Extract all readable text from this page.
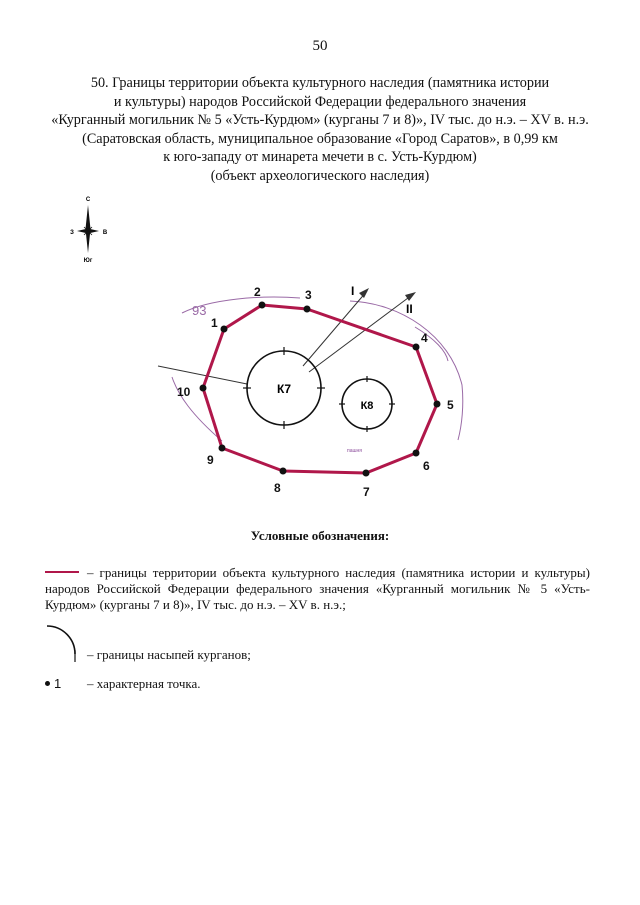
50
50. Границы территории объекта культурного наследия (памятника истории
и культуры) народов Российской Федерации федерального значения
«Курганный могильник № 5 «Усть-Курдюм» (курганы 7 и 8)», IV тыс. до н.э. – XV в. н.э.
(Саратовская область, муниципальное образование «Город Саратов», в 0,99 км
к юго-западу от минарета мечети в с. Усть-Курдюм)
(объект археологического наследия)
С
З	В
Юг
93
I
II
К7
К8
пашня
1
2	3
4
5
6
7
8
9
10
Условные обозначения:
– границы территории объекта культурного наследия (памятника истории и культуры) народов Российской Федерации федерального значения «Курганный могильник № 5 «Усть-Курдюм» (курганы 7 и 8)», IV тыс. до н.э. – XV в. н.э.;
– границы насыпей курганов;
1 – характерная точка.
